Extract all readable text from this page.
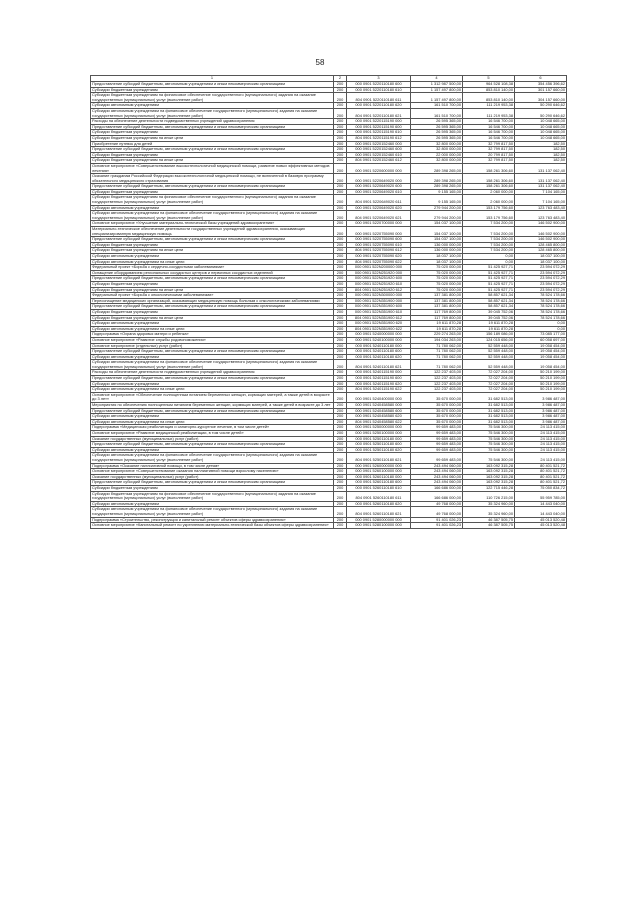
58
1	2	3	4	5	6
Предоставление субсидий бюджетным, автономным учреждениям и иным некоммерческим организациям	200	000 0901 5220110180 600	1 312 987 500,00	964 528 108,38	354 456 396,62
Субсидии бюджетным учреждениям	200	000 0901 5220110180 610	1 157 497 800,00	853 810 140,00	301 157 660,00
Субсидии бюджетным учреждениям на финансовое обеспечение государственного (муниципального) задания на оказание государственных (муниципальных) услуг (выполнение работ)	200	804 0901 5220110180 611	1 157 497 800,00	853 810 140,00	304 157 660,00
Субсидии автономным учреждениям	200	000 0901 5220110180 620	161 510 700,00	111 219 953,38	50 290 646,62
Субсидии автономным учреждениям на финансовое обеспечение государственного (муниципального) задания на оказание государственных (муниципальных) услуг (выполнение работ)	200	804 0901 5220110180 621	161 510 700,00	111 219 953,38	50 290 646,62
Расходы на обеспечение деятельности подведомственных учреждений здравоохранения	200	000 0901 5220115190 000	26 595 365,00	16 546 700,00	10 048 665,00
Предоставление субсидий бюджетным, автономным учреждениям и иным некоммерческим организациям	200	000 0901 5220115190 600	26 595 365,00	16 546 700,00	10 048 665,00
Субсидии бюджетным учреждениям	200	000 0901 5220115190 610	26 595 365,00	16 546 700,00	10 048 665,00
Субсидии бюджетным учреждениям на иные цели	200	804 0901 5220115190 612	26 595 365,00	16 546 700,00	10 048 665,00
Приобретение путевок для детей	200	000 0901 5220152460 000	32 800 000,00	32 799 817,50	182,50
Предоставление субсидий бюджетным, автономным учреждениям и иным некоммерческим организациям	200	000 0901 5220152460 600	32 800 000,00	32 799 817,50	182,50
Субсидии бюджетным учреждениям	200	000 0901 5220152460 610	22 000 000,00	20 799 817,50	182,50
Субсидии бюджетным учреждениям на иные цели	200	804 0901 5220152460 612	32 800 000,00	32 799 817,50	182,50
Основное мероприятие «Совершенствование высокотехнологичной медицинской помощи, развитие новых эффективных методов лечения»	200	000 0901 5220600000 000	289 398 265,00	158 261 306,60	131 137 062,40
Оказание гражданам Российской Федерации высокотехнологичной медицинской помощи, не включенной в базовую программу обязательного медицинского страхования	200	000 0901 5220649020 000	289 398 265,00	158 261 306,60	131 137 062,40
Предоставление субсидий бюджетным, автономным учреждениям и иным некоммерческим организациям	200	000 0901 5220649020 600	289 398 265,00	158 261 306,60	131 137 062,40
Субсидии бюджетным учреждениям	200	000 0901 5220649020 610	9 155 165,00	2 060 000,00	7 104 165,00
Субсидии бюджетным учреждениям на финансовое обеспечение государственного (муниципального) задания на оказание государственных (муниципальных) услуг (выполнение работ)	200	804 0901 5220649020 611	9 155 165,00	2 060 000,00	7 104 165,00
Субсидии автономным учреждениям	200	000 0901 5220649020 620	279 944 200,00	153 179 756,60	123 763 483,40
Субсидии автономным учреждениям на финансовое обеспечение государственного (муниципального) задания на оказание государственных (муниципальных) услуг (выполнение работ)	200	804 0901 5220649020 621	279 944 200,00	153 179 756,60	123 763 483,40
Основное мероприятие «Улучшение материально-технической базы учреждений здравоохранения»	200	000 0901 5220700000 000	154 037 100,00	7 534 200,00	146 502 900,00
Материально-техническое обеспечение деятельности государственных учреждений здравоохранения, оказывающих специализированную медицинскую помощь	200	000 0901 5220755090 000	154 037 100,00	7 534 200,00	146 502 900,00
Предоставление субсидий бюджетным, автономным учреждениям и иным некоммерческим организациям	200	000 0901 5220755090 600	154 037 100,00	7 534 200,00	146 502 900,00
Субсидии бюджетным учреждениям	200	000 0901 5220755090 610	136 000 000,00	7 534 200,00	128 465 800,00
Субсидии бюджетным учреждениям на иные цели	200	804 0901 5220755090 612	136 000 000,00	7 534 200,00	128 465 800,00
Субсидии автономным учреждениям	200	000 0901 5220755090 620	18 037 100,00	0,00	18 037 100,00
Субсидии автономным учреждениям на иные цели	200	804 0901 5220755090 622	18 037 100,00	0,00	18 037 100,00
Федеральный проект «Борьба с сердечно-сосудистыми заболеваниями»	200	000 0901 522N200000 000	75 020 000,00	51 425 927,71	23 594 072,29
Оснащение оборудованием региональных сосудистых центров и первичных сосудистых отделений	200	000 0901 522N251920 000	75 020 000,00	51 425 927,71	23 594 072,29
Предоставление субсидий бюджетным, автономным учреждениям и иным некоммерческим организациям	200	000 0901 522N251920 600	75 020 000,00	51 425 927,71	23 594 072,29
Субсидии бюджетным учреждениям	200	000 0901 522N251920 610	75 020 000,00	51 425 927,71	23 594 072,29
Субсидии бюджетным учреждениям на иные цели	200	804 0901 522N251920 612	75 020 000,00	51 425 927,71	23 594 072,29
Федеральный проект «Борьба с онкологическими заболеваниями»	200	000 0901 522N300000 000	137 381 800,00	58 857 621,34	78 524 178,66
Переоснащение медицинских организаций, оказывающих медицинскую помощь больным с онкологическими заболеваниями	200	000 0901 522N351900 000	137 381 800,00	58 857 621,34	78 524 178,66
Предоставление субсидий бюджетным, автономным учреждениям и иным некоммерческим организациям	200	000 0901 522N351900 600	137 381 800,00	58 857 621,34	78 524 178,66
Субсидии бюджетным учреждениям	200	000 0901 522N351900 610	117 769 800,00	39 045 752,06	78 524 178,66
Субсидии бюджетным учреждениям на иные цели	200	804 0901 522N351900 612	117 769 800,00	39 045 752,06	78 524 178,66
Субсидии автономным учреждениям	200	000 0901 522N351900 620	19 611 870,28	19 611 870,28	0,00
Субсидии автономным учреждениям на иные цели	200	804 0901 522N351900 622	19 611 870,28	19 611 870,28	0,00
Подпрограмма «Охрана здоровья матери и ребенка»	200	000 0901 5240000000 000	229 274 263,00	156 189 086,00	73 085 177,00
Основное мероприятие «Развитие службы родовспоможения»	200	000 0901 5240100000 000	194 034 263,00	124 015 656,00	60 058 697,00
Основное мероприятие (отдельных) услуг (работ)	200	000 0901 5240110180 000	71 780 062,00	52 559 448,00	19 058 454,00
Предоставление субсидий бюджетным, автономным учреждениям и иным некоммерческим организациям	200	000 0901 5240110180 600	71 780 062,00	52 559 448,00	19 058 454,00
Субсидии автономным учреждениям	200	000 0901 5240110180 620	71 780 062,00	52 559 448,00	19 058 454,00
Субсидии автономным учреждениям на финансовое обеспечение государственного (муниципального) задания на оказание государственных (муниципальных) услуг (выполнение работ)	200	804 0901 5240110180 621	71 780 062,00	52 559 448,00	19 058 454,00
Расходы на обеспечение деятельности подведомственных учреждений здравоохранения	200	000 0901 5240115190 000	122 237 403,00	72 027 204,00	50 210 199,00
Предоставление субсидий бюджетным, автономным учреждениям и иным некоммерческим организациям	200	000 0901 5240115190 600	122 237 403,00	72 027 204,00	50 210 199,00
Субсидии автономным учреждениям	200	000 0901 5240115190 620	122 237 403,00	72 027 204,00	50 210 199,00
Субсидии автономным учреждениям на иные цели	200	804 0901 5240115190 622	122 237 403,00	72 027 204,00	50 210 199,00
Основное мероприятие «Обеспечение полноценным питанием беременных женщин, кормящих матерей, а также детей в возрасте до 3 лет»	200	000 0901 5240400000 000	35 670 000,00	31 682 513,00	3 986 487,00
Мероприятия по обеспечению полноценным питанием беременных женщин, кормящих матерей, а также детей в возрасте до 3 лет	200	000 0901 5240458580 000	35 670 000,00	31 682 513,00	3 986 487,00
Предоставление субсидий бюджетным, автономным учреждениям и иным некоммерческим организациям	200	000 0901 5240458580 600	35 670 000,00	31 682 513,00	3 986 487,00
Субсидии автономным учреждениям	200	000 0901 5240458580 620	35 670 000,00	31 682 513,00	3 986 487,00
Субсидии автономным учреждениям на иные цели	200	804 0901 5240458580 622	35 670 000,00	31 682 513,00	3 986 487,00
Подпрограмма «Медицинская реабилитация и санаторно-курортное лечение, в том числе детей»	200	000 0901 5250000000 000	99 659 483,00	75 546 300,00	24 113 415,00
Основное мероприятие «Развитие медицинской реабилитации, в том числе детей»	200	000 0901 5250100000 000	99 659 483,00	75 546 300,00	24 113 415,00
Оказание государственных (муниципальных) услуг (работ)	200	000 0901 5250110180 000	99 659 483,00	75 546 300,00	24 113 415,00
Предоставление субсидий бюджетным, автономным учреждениям и иным некоммерческим организациям	200	000 0901 5250110180 600	99 659 483,00	75 546 300,00	24 113 415,00
Субсидии автономным учреждениям	200	000 0901 5250110180 620	99 659 483,00	75 546 300,00	24 113 415,00
Субсидии автономным учреждениям на финансовое обеспечение государственного (муниципального) задания на оказание государственных (муниципальных) услуг (выполнение работ)	200	804 0901 5250110180 621	99 659 483,00	75 546 300,00	24 113 415,00
Подпрограмма «Оказание паллиативной помощи, в том числе детям»	200	000 0901 5260000000 000	243 494 060,00	163 092 315,28	80 401 521,72
Основное мероприятие «Совершенствование оказания паллиативной помощи взрослому населению»	200	000 0901 5260100000 000	243 494 060,00	163 092 315,28	80 401 521,72
Оказание государственных (муниципальных) услуг (работ)	200	000 0901 5260110180 000	243 494 060,00	163 092 315,28	80 401 521,72
Предоставление субсидий бюджетным, автономным учреждениям и иным некоммерческим организациям	200	000 0901 5260110180 600	243 494 060,00	163 092 315,28	80 401 521,72
Субсидии бюджетным учреждениям	200	000 0901 5260110180 610	166 686 000,00	122 715 446,28	75 050 834,72
Субсидии бюджетным учреждениям на финансовое обеспечение государственного (муниципального) задания на оказание государственных (муниципальных) услуг (выполнение работ)	200	804 0901 5260110180 611	166 686 000,00	110 726 215,00	55 959 785,00
Субсидии автономным учреждениям	200	000 0901 5260110180 620	49 768 000,00	35 324 960,00	14 443 040,00
Субсидии автономным учреждениям на финансовое обеспечение государственного (муниципального) задания на оказание государственных (муниципальных) услуг (выполнение работ)	200	804 0901 5260110180 621	49 768 000,00	35 324 960,00	14 443 040,00
Подпрограмма «Строительство, реконструкция и капитальный ремонт объектов сферы здравоохранения»	200	000 0901 5280000000 000	91 401 026,23	46 387 505,75	45 013 520,48
Основное мероприятие «Капитальный ремонт по укреплению материально-технической базы объектов сферы здравоохранения»	200	000 0901 5280100000 000	91 401 026,23	46 387 505,75	45 013 520,48
